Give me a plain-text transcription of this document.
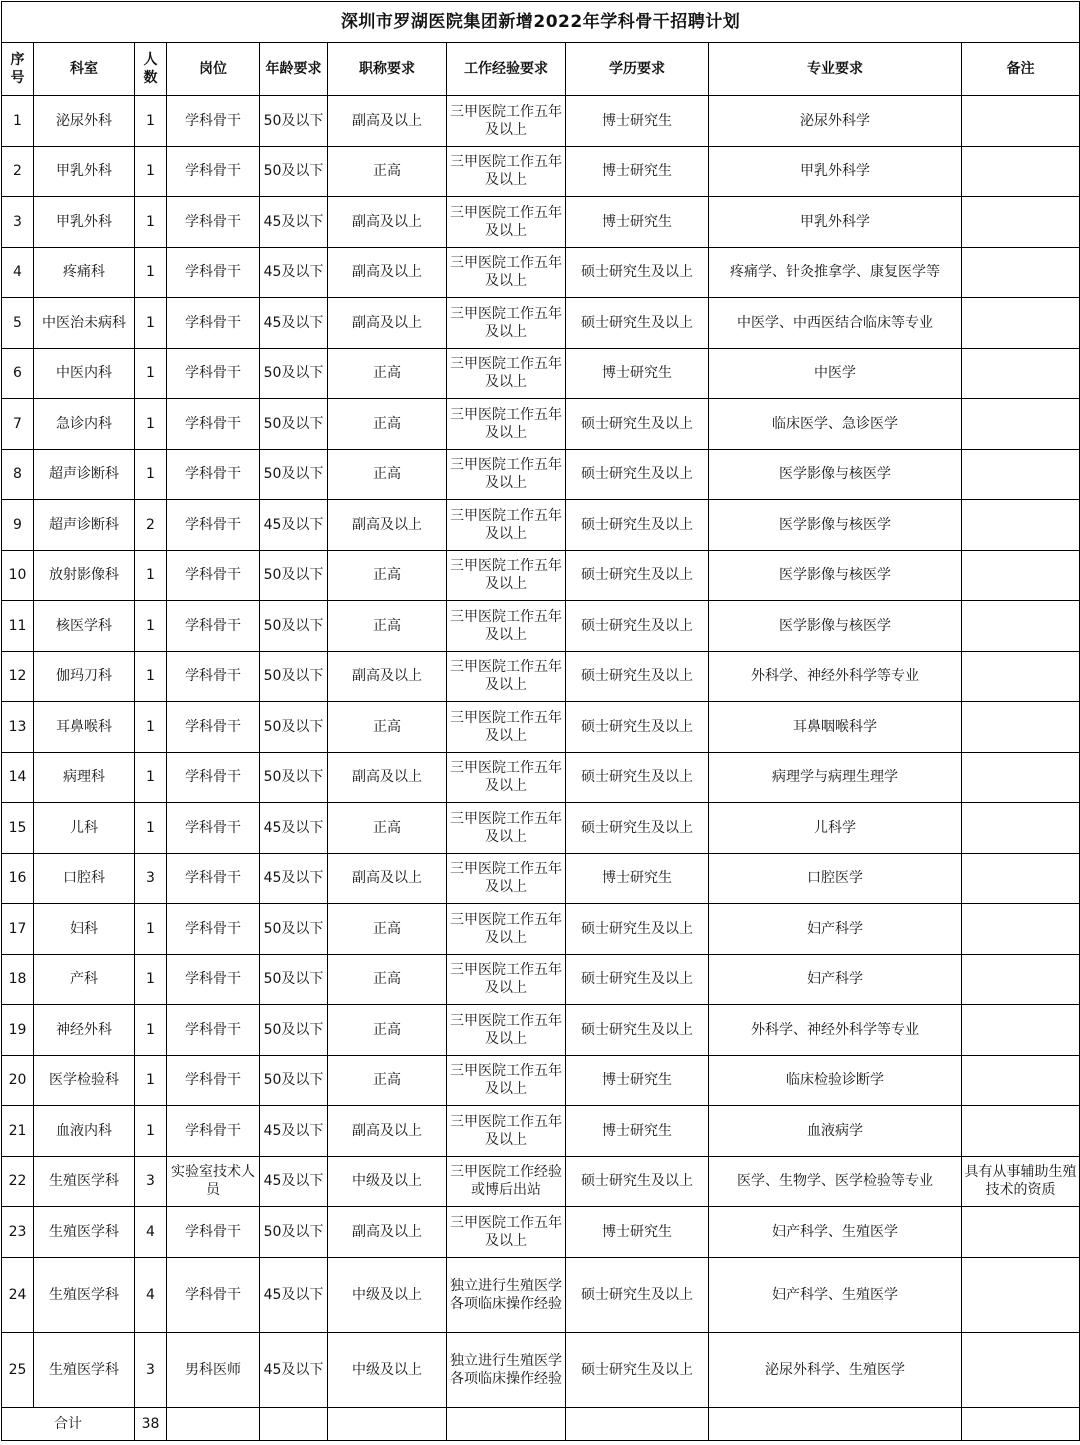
深圳市罗湖医院集团新增2022年学科骨干招聘计划									
序号	科室	人数	岗位	年龄要求	职称要求	工作经验要求	学历要求	专业要求	备注
1	泌尿外科	1	学科骨干	50及以下	副高及以上	三甲医院工作五年及以上	博士研究生	泌尿外科学	
2	甲乳外科	1	学科骨干	50及以下	正高	三甲医院工作五年及以上	博士研究生	甲乳外科学	
3	甲乳外科	1	学科骨干	45及以下	副高及以上	三甲医院工作五年及以上	博士研究生	甲乳外科学	
4	疼痛科	1	学科骨干	45及以下	副高及以上	三甲医院工作五年及以上	硕士研究生及以上	疼痛学、针灸推拿学、康复医学等	
5	中医治未病科	1	学科骨干	45及以下	副高及以上	三甲医院工作五年及以上	硕士研究生及以上	中医学、中西医结合临床等专业	
6	中医内科	1	学科骨干	50及以下	正高	三甲医院工作五年及以上	博士研究生	中医学	
7	急诊内科	1	学科骨干	50及以下	正高	三甲医院工作五年及以上	硕士研究生及以上	临床医学、急诊医学	
8	超声诊断科	1	学科骨干	50及以下	正高	三甲医院工作五年及以上	硕士研究生及以上	医学影像与核医学	
9	超声诊断科	2	学科骨干	45及以下	副高及以上	三甲医院工作五年及以上	硕士研究生及以上	医学影像与核医学	
10	放射影像科	1	学科骨干	50及以下	正高	三甲医院工作五年及以上	硕士研究生及以上	医学影像与核医学	
11	核医学科	1	学科骨干	50及以下	正高	三甲医院工作五年及以上	硕士研究生及以上	医学影像与核医学	
12	伽玛刀科	1	学科骨干	50及以下	副高及以上	三甲医院工作五年及以上	硕士研究生及以上	外科学、神经外科学等专业	
13	耳鼻喉科	1	学科骨干	50及以下	正高	三甲医院工作五年及以上	硕士研究生及以上	耳鼻咽喉科学	
14	病理科	1	学科骨干	50及以下	副高及以上	三甲医院工作五年及以上	硕士研究生及以上	病理学与病理生理学	
15	儿科	1	学科骨干	45及以下	正高	三甲医院工作五年及以上	硕士研究生及以上	儿科学	
16	口腔科	3	学科骨干	45及以下	副高及以上	三甲医院工作五年及以上	博士研究生	口腔医学	
17	妇科	1	学科骨干	50及以下	正高	三甲医院工作五年及以上	硕士研究生及以上	妇产科学	
18	产科	1	学科骨干	50及以下	正高	三甲医院工作五年及以上	硕士研究生及以上	妇产科学	
19	神经外科	1	学科骨干	50及以下	正高	三甲医院工作五年及以上	硕士研究生及以上	外科学、神经外科学等专业	
20	医学检验科	1	学科骨干	50及以下	正高	三甲医院工作五年及以上	博士研究生	临床检验诊断学	
21	血液内科	1	学科骨干	45及以下	副高及以上	三甲医院工作五年及以上	博士研究生	血液病学	
22	生殖医学科	3	实验室技术人员	45及以下	中级及以上	三甲医院工作经验或博后出站	硕士研究生及以上	医学、生物学、医学检验等专业	具有从事辅助生殖技术的资质
23	生殖医学科	4	学科骨干	50及以下	副高及以上	三甲医院工作五年及以上	博士研究生	妇产科学、生殖医学	
24	生殖医学科	4	学科骨干	45及以下	中级及以上	独立进行生殖医学各项临床操作经验	硕士研究生及以上	妇产科学、生殖医学	
25	生殖医学科	3	男科医师	45及以下	中级及以上	独立进行生殖医学各项临床操作经验	硕士研究生及以上	泌尿外科学、生殖医学	
合计		38							
